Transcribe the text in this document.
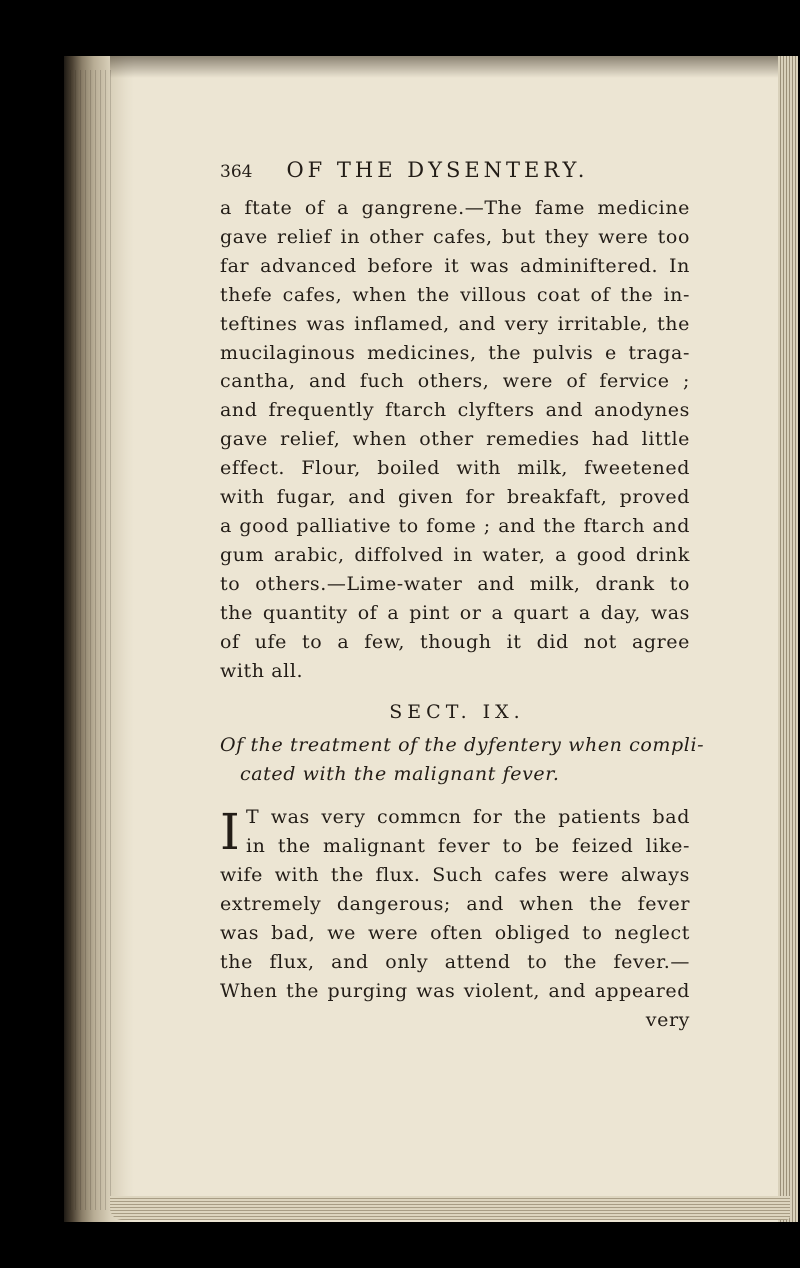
364 OF THE DYSENTERY.

a ftate of a gangrene.—The fame medicine
gave relief in other cafes, but they were too
far advanced before it was adminiftered. In
thefe cafes, when the villous coat of the in-
teftines was inflamed, and very irritable, the
mucilaginous medicines, the pulvis e traga-
cantha, and fuch others, were of fervice ;
and frequently ftarch clyfters and anodynes
gave relief, when other remedies had little
effect. Flour, boiled with milk, fweetened
with fugar, and given for breakfaft, proved
a good palliative to fome ; and the ftarch and
gum arabic, diffolved in water, a good drink
to others.—Lime-water and milk, drank to
the quantity of a pint or a quart a day, was
of ufe to a few, though it did not agree
with all.

SECT. IX.

Of the treatment of the dyfentery when compli-
cated with the malignant fever.

I T was very commcn for the patients bad
in the malignant fever to be feized like-
wife with the flux. Such cafes were always
extremely dangerous; and when the fever
was bad, we were often obliged to neglect
the flux, and only attend to the fever.—
When the purging was violent, and appeared
very
